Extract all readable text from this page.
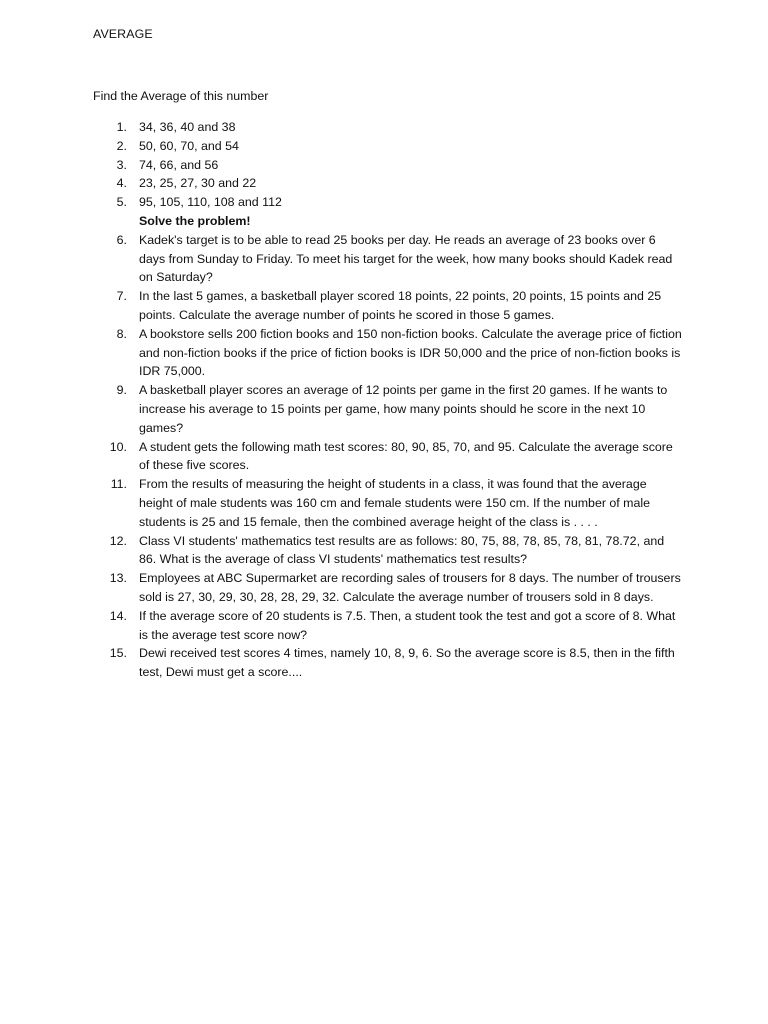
AVERAGE
Find the Average of this number
1. 34, 36, 40 and 38
2. 50, 60, 70, and 54
3. 74, 66, and 56
4. 23, 25, 27, 30 and 22
5. 95, 105, 110, 108 and 112
Solve the problem!
6. Kadek's target is to be able to read 25 books per day. He reads an average of 23 books over 6 days from Sunday to Friday. To meet his target for the week, how many books should Kadek read on Saturday?
7. In the last 5 games, a basketball player scored 18 points, 22 points, 20 points, 15 points and 25 points. Calculate the average number of points he scored in those 5 games.
8. A bookstore sells 200 fiction books and 150 non-fiction books. Calculate the average price of fiction and non-fiction books if the price of fiction books is IDR 50,000 and the price of non-fiction books is IDR 75,000.
9. A basketball player scores an average of 12 points per game in the first 20 games. If he wants to increase his average to 15 points per game, how many points should he score in the next 10 games?
10. A student gets the following math test scores: 80, 90, 85, 70, and 95. Calculate the average score of these five scores.
11. From the results of measuring the height of students in a class, it was found that the average height of male students was 160 cm and female students were 150 cm. If the number of male students is 25 and 15 female, then the combined average height of the class is . . . .
12. Class VI students' mathematics test results are as follows: 80, 75, 88, 78, 85, 78, 81, 78.72, and 86. What is the average of class VI students' mathematics test results?
13. Employees at ABC Supermarket are recording sales of trousers for 8 days. The number of trousers sold is 27, 30, 29, 30, 28, 28, 29, 32. Calculate the average number of trousers sold in 8 days.
14. If the average score of 20 students is 7.5. Then, a student took the test and got a score of 8. What is the average test score now?
15. Dewi received test scores 4 times, namely 10, 8, 9, 6. So the average score is 8.5, then in the fifth test, Dewi must get a score....
